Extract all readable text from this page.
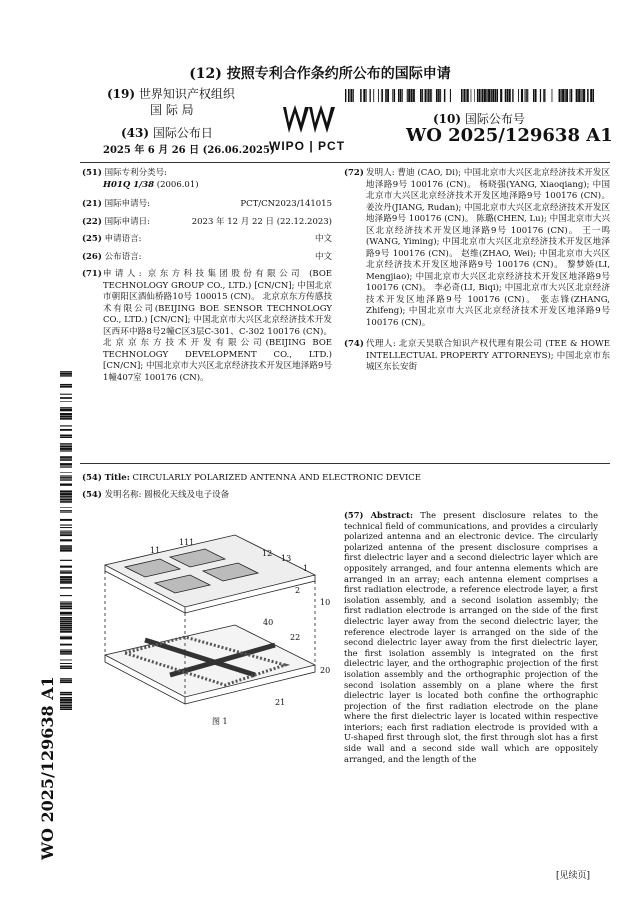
(12) 按照专利合作条约所公布的国际申请
(19) 世界知识产权组织
国 际 局
(43) 国际公布日
2025 年 6 月 26 日 (26.06.2025)
WIPO | PCT
(10) 国际公布号
WO 2025/129638 A1
(51) 国际专利分类号:
H01Q 1/38 (2006.01)
(21) 国际申请号:	PCT/CN2023/141015
(22) 国际申请日:	2023 年 12 月 22 日 (22.12.2023)
(25) 申请语言:	中文
(26) 公布语言:	中文
(71) 申请人: 京东方科技集团股份有限公司 (BOE TECHNOLOGY GROUP CO., LTD.) [CN/CN]; 中国北京市朝阳区酒仙桥路10号 100015 (CN)。 北京京东方传感技术有限公司(BEIJING BOE SENSOR TECHNOLOGY CO., LTD.) [CN/CN]; 中国北京市大兴区北京经济技术开发区西环中路8号2幢C区3层C-301、C-302 100176 (CN)。 北京京东方技术开发有限公司(BEIJING BOE TECHNOLOGY DEVELOPMENT CO., LTD.) [CN/CN]; 中国北京市大兴区北京经济技术开发区地泽路9号1幢407室 100176 (CN)。
(72) 发明人: 曹迪 (CAO, Di); 中国北京市大兴区北京经济技术开发区地泽路9号 100176 (CN)。 杨晓强(YANG, Xiaoqiang); 中国北京市大兴区北京经济技术开发区地泽路9号 100176 (CN)。 姜汝丹(JIANG, Rudan); 中国北京市大兴区北京经济技术开发区地泽路9号 100176 (CN)。 陈璐(CHEN, Lu); 中国北京市大兴区北京经济技术开发区地泽路9号 100176 (CN)。 王一鸣(WANG, Yiming); 中国北京市大兴区北京经济技术开发区地泽路9号 100176 (CN)。 赵维(ZHAO, Wei); 中国北京市大兴区北京经济技术开发区地泽路9号 100176 (CN)。 黎梦娇(LI, Mengjiao); 中国北京市大兴区北京经济技术开发区地泽路9号 100176 (CN)。 李必奇(LI, Biqi); 中国北京市大兴区北京经济技术开发区地泽路9号 100176 (CN)。 张志锋(ZHANG, Zhifeng); 中国北京市大兴区北京经济技术开发区地泽路9号 100176 (CN)。
(74) 代理人: 北京天昊联合知识产权代理有限公司 (TEE & HOWE INTELLECTUAL PROPERTY ATTORNEYS); 中国北京市东城区东长安街
(54) Title: CIRCULARLY POLARIZED ANTENNA AND ELECTRONIC DEVICE
(54) 发明名称: 圆极化天线及电子设备
11
111
12
13
1
2
10
40
22
20
21
图 1
(57) Abstract: The present disclosure relates to the technical field of communications, and provides a circularly polarized antenna and an electronic device. The circularly polarized antenna of the present disclosure comprises a first dielectric layer and a second dielectric layer which are oppositely arranged, and four antenna elements which are arranged in an array; each antenna element comprises a first radiation electrode, a reference electrode layer, a first isolation assembly, and a second isolation assembly; the first radiation electrode is arranged on the side of the first dielectric layer away from the second dielectric layer, the reference electrode layer is arranged on the side of the second dielectric layer away from the first dielectric layer, the first isolation assembly is integrated on the first dielectric layer, and the orthographic projection of the first isolation assembly and the orthographic projection of the second isolation assembly on a plane where the first dielectric layer is located both confine the orthographic projection of the first radiation electrode on the plane where the first dielectric layer is located within respective interiors; each first radiation electrode is provided with a U-shaped first through slot, the first through slot has a first side wall and a second side wall which are oppositely arranged, and the length of the
WO 2025/129638 A1
[见续页]
